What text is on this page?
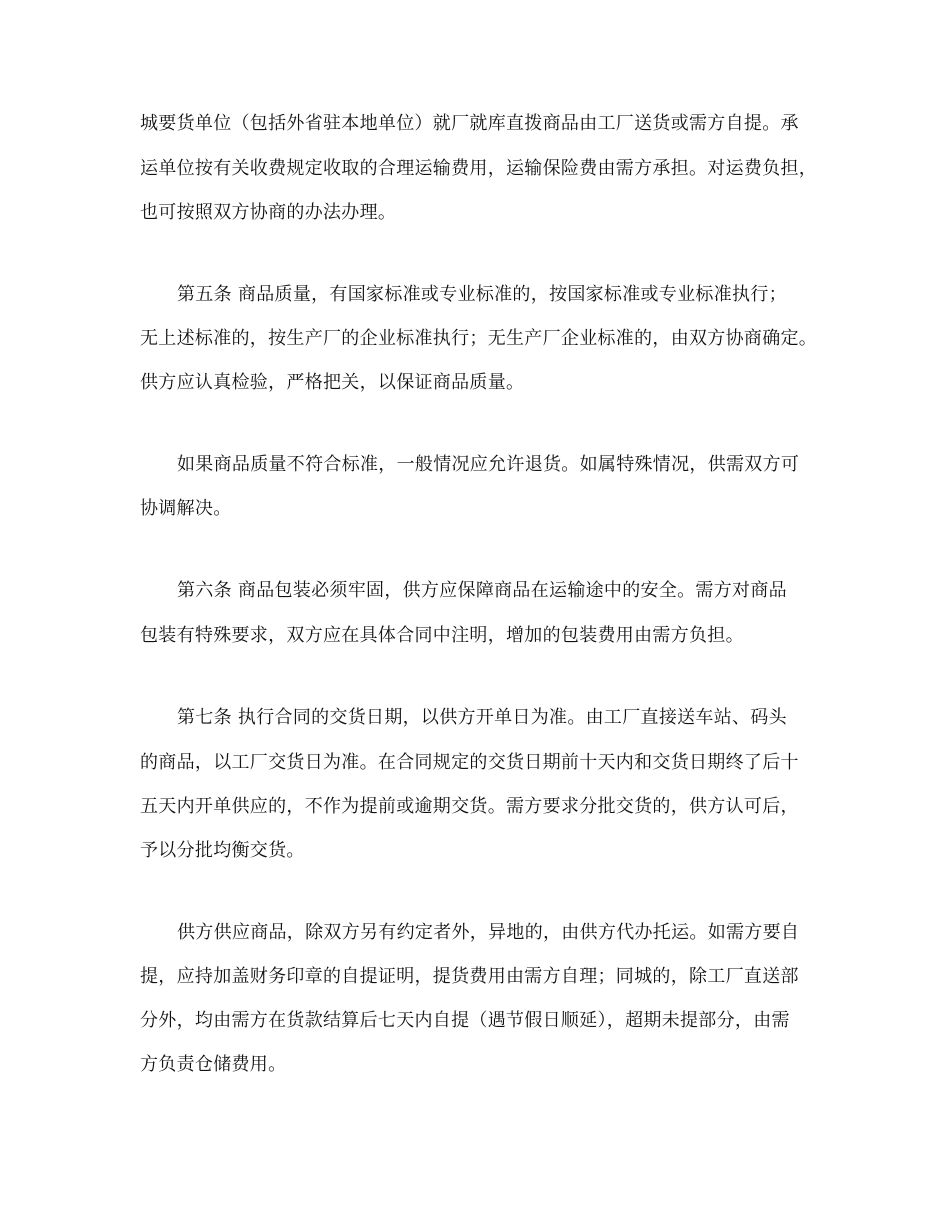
城要货单位（包括外省驻本地单位）就厂就库直拨商品由工厂送货或需方自提。承
运单位按有关收费规定收取的合理运输费用，运输保险费由需方承担。对运费负担，
也可按照双方协商的办法办理。
第五条 商品质量，有国家标准或专业标准的，按国家标准或专业标准执行；
无上述标准的，按生产厂的企业标准执行；无生产厂企业标准的，由双方协商确定。
供方应认真检验，严格把关，以保证商品质量。
如果商品质量不符合标准，一般情况应允许退货。如属特殊情况，供需双方可
协调解决。
第六条 商品包装必须牢固，供方应保障商品在运输途中的安全。需方对商品
包装有特殊要求，双方应在具体合同中注明，增加的包装费用由需方负担。
第七条 执行合同的交货日期，以供方开单日为准。由工厂直接送车站、码头
的商品，以工厂交货日为准。在合同规定的交货日期前十天内和交货日期终了后十
五天内开单供应的，不作为提前或逾期交货。需方要求分批交货的，供方认可后，
予以分批均衡交货。
供方供应商品，除双方另有约定者外，异地的，由供方代办托运。如需方要自
提，应持加盖财务印章的自提证明，提货费用由需方自理；同城的，除工厂直送部
分外，均由需方在货款结算后七天内自提（遇节假日顺延），超期未提部分，由需
方负责仓储费用。
